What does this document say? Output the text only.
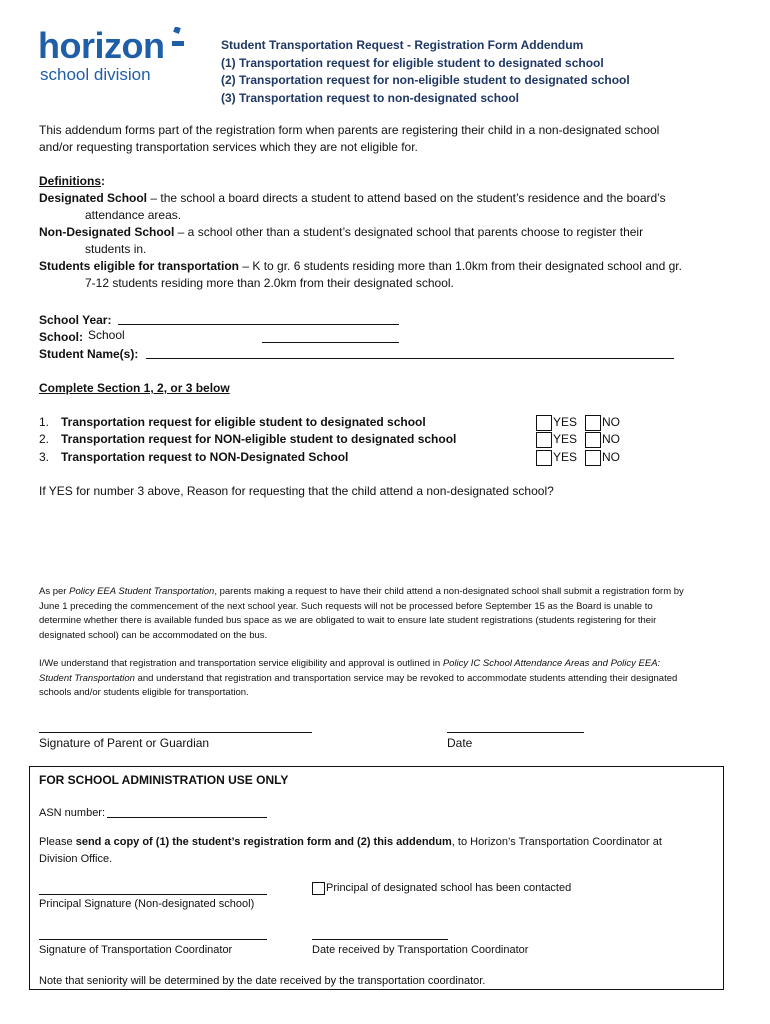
horizon
school division
Student Transportation Request - Registration Form Addendum
(1) Transportation request for eligible student to designated school
(2) Transportation request for non-eligible student to designated school
(3) Transportation request to non-designated school
This addendum forms part of the registration form when parents are registering their child in a non-designated school
and/or requesting transportation services which they are not eligible for.
Definitions:
Designated School – the school a board directs a student to attend based on the student’s residence and the board’s
attendance areas.
Non-Designated School – a school other than a student’s designated school that parents choose to register their
students in.
Students eligible for transportation – K to gr. 6 students residing more than 1.0km from their designated school and gr.
7-12 students residing more than 2.0km from their designated school.
School Year:
School: School
Student Name(s):
Complete Section 1, 2, or 3 below
1. Transportation request for eligible student to designated school
2. Transportation request for NON-eligible student to designated school
3. Transportation request to NON-Designated School
YES NO
YES NO
YES NO
If YES for number 3 above, Reason for requesting that the child attend a non-designated school?
As per Policy EEA Student Transportation, parents making a request to have their child attend a non-designated school shall submit a registration form by
June 1 preceding the commencement of the next school year. Such requests will not be processed before September 15 as the Board is unable to
determine whether there is available funded bus space as we are obligated to wait to ensure late student registrations (students registering for their
designated school) can be accommodated on the bus.
I/We understand that registration and transportation service eligibility and approval is outlined in Policy IC School Attendance Areas and Policy EEA:
Student Transportation and understand that registration and transportation service may be revoked to accommodate students attending their designated
schools and/or students eligible for transportation.
Signature of Parent or Guardian	Date
FOR SCHOOL ADMINISTRATION USE ONLY
ASN number:
Please send a copy of (1) the student’s registration form and (2) this addendum, to Horizon’s Transportation Coordinator at
Division Office.
Principal Signature (Non-designated school)
Principal of designated school has been contacted
Signature of Transportation Coordinator	Date received by Transportation Coordinator
Note that seniority will be determined by the date received by the transportation coordinator.
